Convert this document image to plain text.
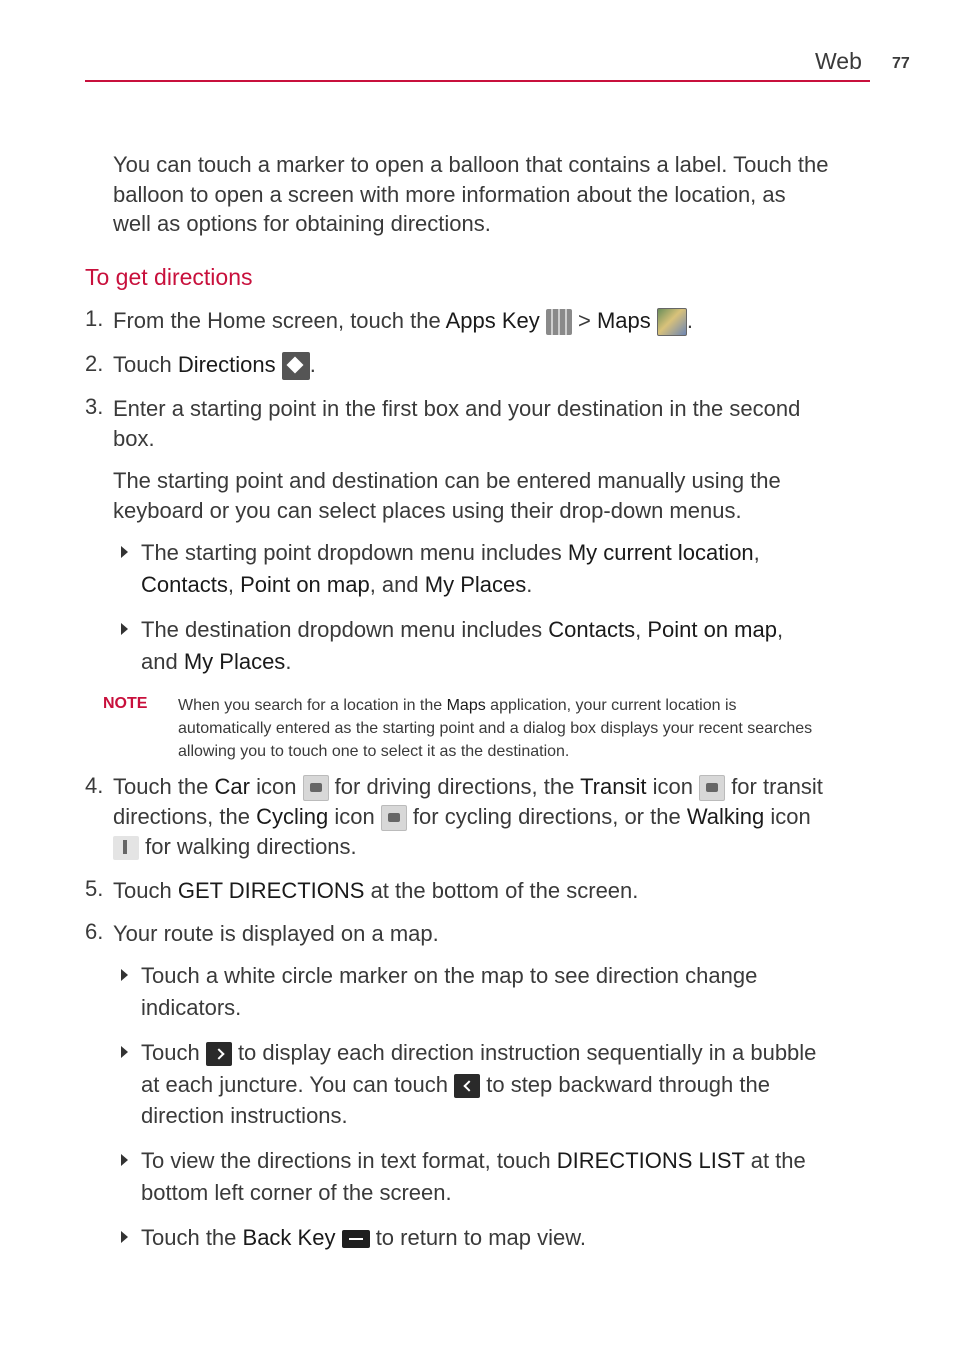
Web 77
You can touch a marker to open a balloon that contains a label. Touch the
balloon to open a screen with more information about the location, as
well as options for obtaining directions.
To get directions
1. From the Home screen, touch the Apps Key  > Maps .
2. Touch Directions .
3. Enter a starting point in the first box and your destination in the second
box.
The starting point and destination can be entered manually using the
keyboard or you can select places using their drop-down menus.
The starting point dropdown menu includes My current location,
Contacts, Point on map, and My Places.
The destination dropdown menu includes Contacts, Point on map,
and My Places.
NOTE When you search for a location in the Maps application, your current location is
automatically entered as the starting point and a dialog box displays your recent searches
allowing you to touch one to select it as the destination.
4. Touch the Car icon  for driving directions, the Transit icon  for transit
directions, the Cycling icon  for cycling directions, or the Walking icon
for walking directions.
5. Touch GET DIRECTIONS at the bottom of the screen.
6. Your route is displayed on a map.
Touch a white circle marker on the map to see direction change
indicators.
Touch  to display each direction instruction sequentially in a bubble
at each juncture. You can touch  to step backward through the
direction instructions.
To view the directions in text format, touch DIRECTIONS LIST at the
bottom left corner of the screen.
Touch the Back Key  to return to map view.
